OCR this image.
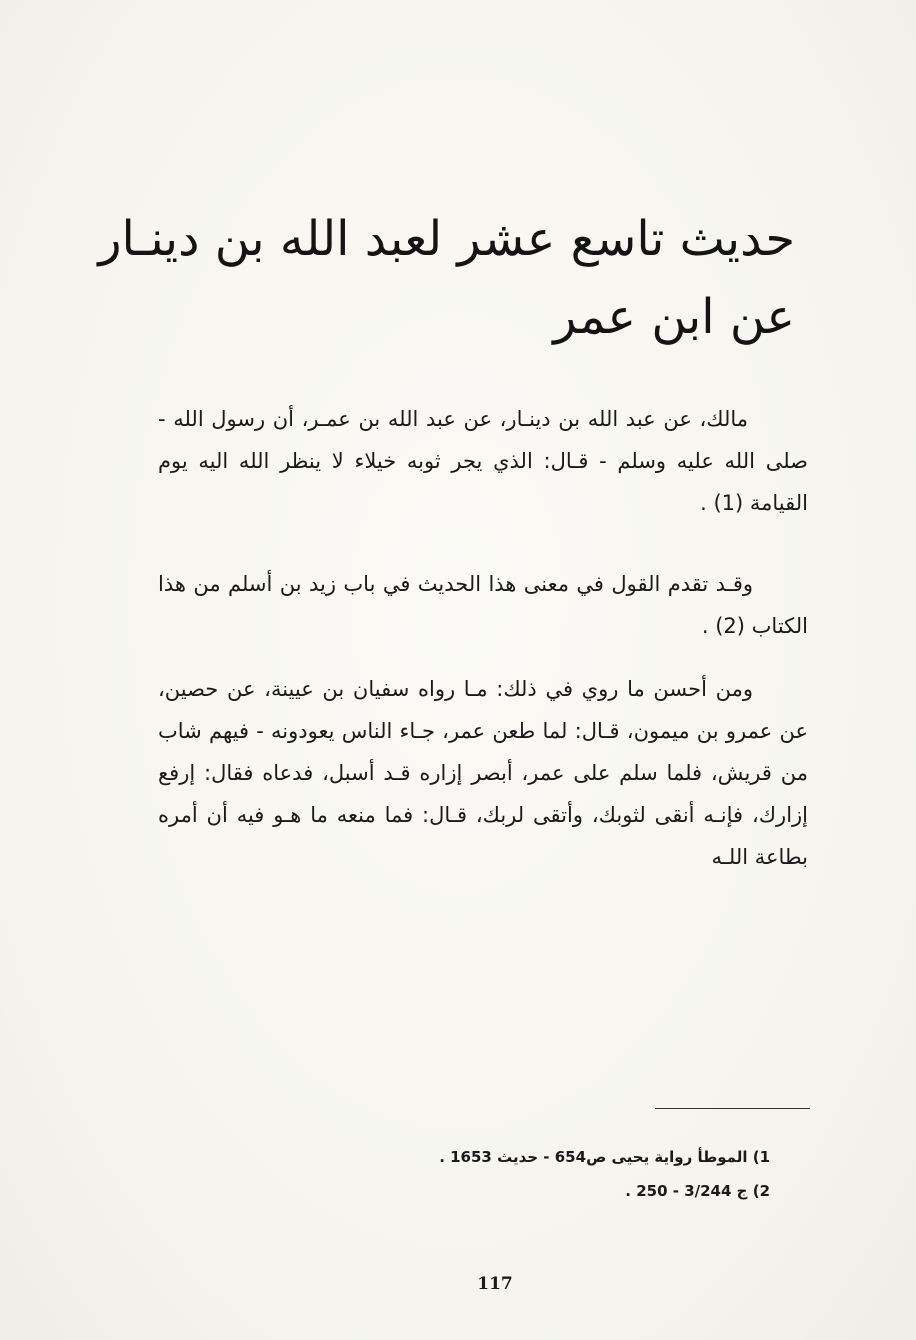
حديث تاسع عشر لعبد الله بن دينـار
عن ابن عمر

مالك، عن عبد الله بن دينـار، عن عبد الله بن عمـر، أن رسول الله - صلى الله عليه وسلم - قـال: الذي يجر ثوبه خيلاء لا ينظر الله اليه يوم القيامة (1) .

وقـد تقدم القول في معنى هذا الحديث في باب زيد بن أسلم من هذا الكتاب (2) .

ومن أحسن ما روي في ذلك: مـا رواه سفيان بن عيينة، عن حصين، عن عمرو بن ميمون، قـال: لما طعن عمر، جـاء الناس يعودونه - فيهم شاب من قريش، فلما سلم على عمر، أبصر إزاره قـد أسبل، فدعاه فقال: إرفع إزارك، فإنـه أنقى لثوبك، وأتقى لربك، قـال: فما منعه ما هـو فيه أن أمره بطاعة اللـه

1) الموطأ رواية يحيى ص654 - حديث 1653 .
2) ج 3/244 - 250 .
117
